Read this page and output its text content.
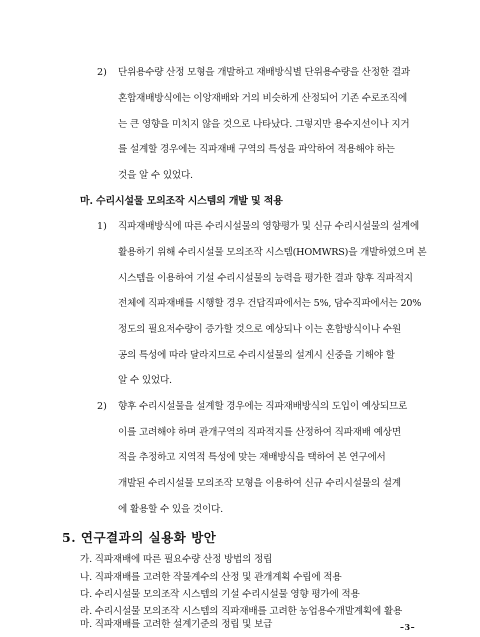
2) 단위용수량 산정 모형을 개발하고 재배방식별 단위용수량을 산정한 결과
혼합재배방식에는 이앙재배와 거의 비슷하게 산정되어 기존 수로조직에
는 큰 영향을 미치지 않을 것으로 나타났다. 그렇지만 용수지선이나 지거
를 설계할 경우에는 직파재배 구역의 특성을 파악하여 적용해야 하는
것을 알 수 있었다.
마. 수리시설물 모의조작 시스템의 개발 및 적용
1) 직파재배방식에 따른 수리시설물의 영향평가 및 신규 수리시설물의 설계에
활용하기 위해 수리시설물 모의조작 시스템(HOMWRS)을 개발하였으며 본
시스템을 이용하여 기설 수리시설물의 능력을 평가한 결과 향후 직파적지
전체에 직파재배를 시행할 경우 건답직파에서는 5%, 담수직파에서는 20%
정도의 필요저수량이 증가할 것으로 예상되나 이는 혼합방식이나 수원
공의 특성에 따라 달라지므로 수리시설물의 설계시 신중을 기해야 할
알 수 있었다.
2) 향후 수리시설물을 설계할 경우에는 직파재배방식의 도입이 예상되므로
이를 고려해야 하며 관개구역의 직파적지를 산정하여 직파재배 예상면
적을 추정하고 지역적 특성에 맞는 재배방식을 택하여 본 연구에서
개발된 수리시설물 모의조작 모형을 이용하여 신규 수리시설물의 설계
에 활용할 수 있을 것이다.
5. 연구결과의 실용화 방안
가. 직파재배에 따른 필요수량 산정 방법의 정립
나. 직파재배를 고려한 작물계수의 산정 및 관개계획 수립에 적용
다. 수리시설물 모의조작 시스템의 기설 수리시설물 영향 평가에 적용
라. 수리시설물 모의조작 시스템의 직파재배를 고려한 농업용수개발계획에 활용
마. 직파재배를 고려한 설계기준의 정립 및 보급	–3–
